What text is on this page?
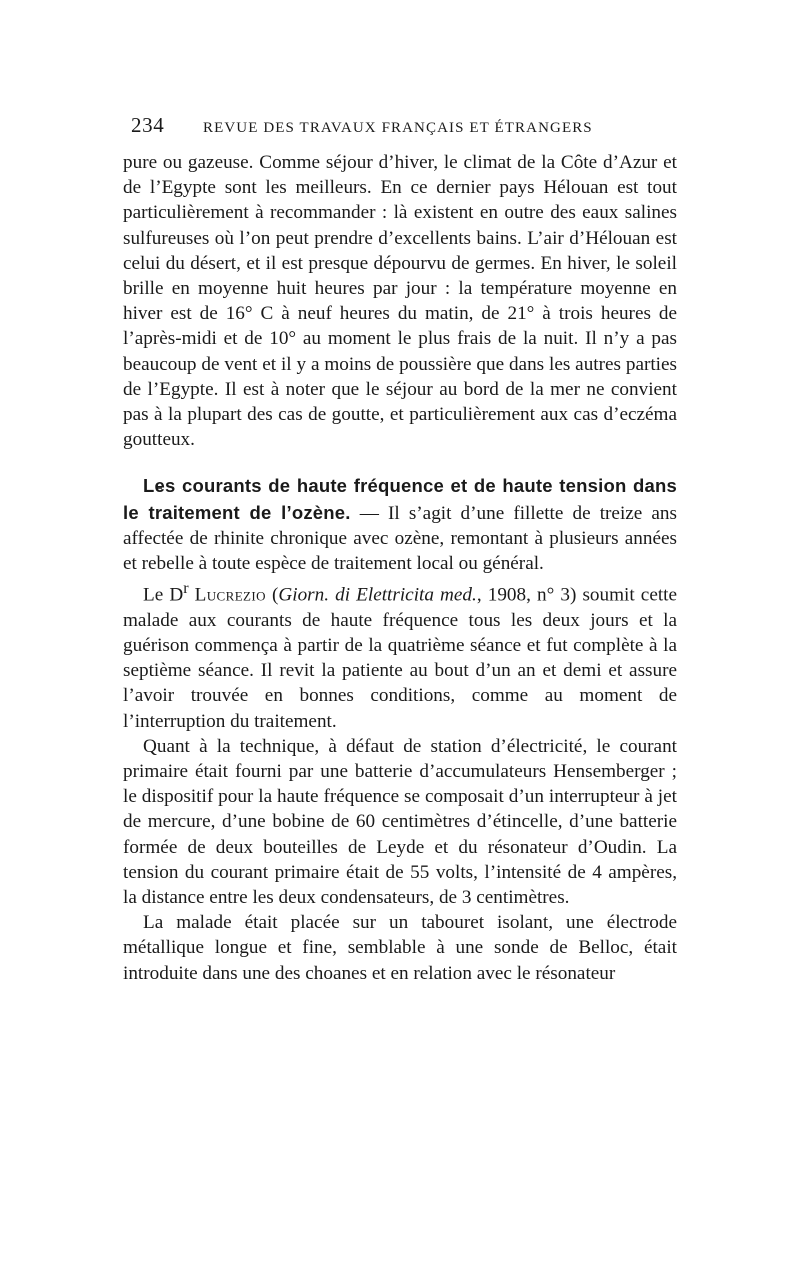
234	REVUE DES TRAVAUX FRANÇAIS ET ÉTRANGERS

pure ou gazeuse. Comme séjour d’hiver, le climat de la Côte d’Azur et de l’Egypte sont les meilleurs. En ce dernier pays Hélouan est tout particulièrement à recommander : là existent en outre des eaux salines sulfureuses où l’on peut prendre d’excellents bains. L’air d’Hélouan est celui du désert, et il est presque dépourvu de germes. En hiver, le soleil brille en moyenne huit heures par jour : la température moyenne en hiver est de 16° C à neuf heures du matin, de 21° à trois heures de l’après-midi et de 10° au moment le plus frais de la nuit. Il n’y a pas beaucoup de vent et il y a moins de poussière que dans les autres parties de l’Egypte. Il est à noter que le séjour au bord de la mer ne convient pas à la plupart des cas de goutte, et particulièrement aux cas d’eczéma goutteux.

Les courants de haute fréquence et de haute tension dans le traitement de l’ozène. — Il s’agit d’une fillette de treize ans affectée de rhinite chronique avec ozène, remontant à plusieurs années et rebelle à toute espèce de traitement local ou général.

Le $D^r$ Lucrezio (Giorn. di Elettricita med., 1908, n° 3) soumit cette malade aux courants de haute fréquence tous les deux jours et la guérison commença à partir de la quatrième séance et fut complète à la septième séance. Il revit la patiente au bout d’un an et demi et assure l’avoir trouvée en bonnes conditions, comme au moment de l’interruption du traitement.

Quant à la technique, à défaut de station d’électricité, le courant primaire était fourni par une batterie d’accumulateurs Hensemberger ; le dispositif pour la haute fréquence se composait d’un interrupteur à jet de mercure, d’une bobine de 60 centimètres d’étincelle, d’une batterie formée de deux bouteilles de Leyde et du résonateur d’Oudin. La tension du courant primaire était de 55 volts, l’intensité de 4 ampères, la distance entre les deux condensateurs, de 3 centimètres.

La malade était placée sur un tabouret isolant, une électrode métallique longue et fine, semblable à une sonde de Belloc, était introduite dans une des choanes et en relation avec le résonateur
